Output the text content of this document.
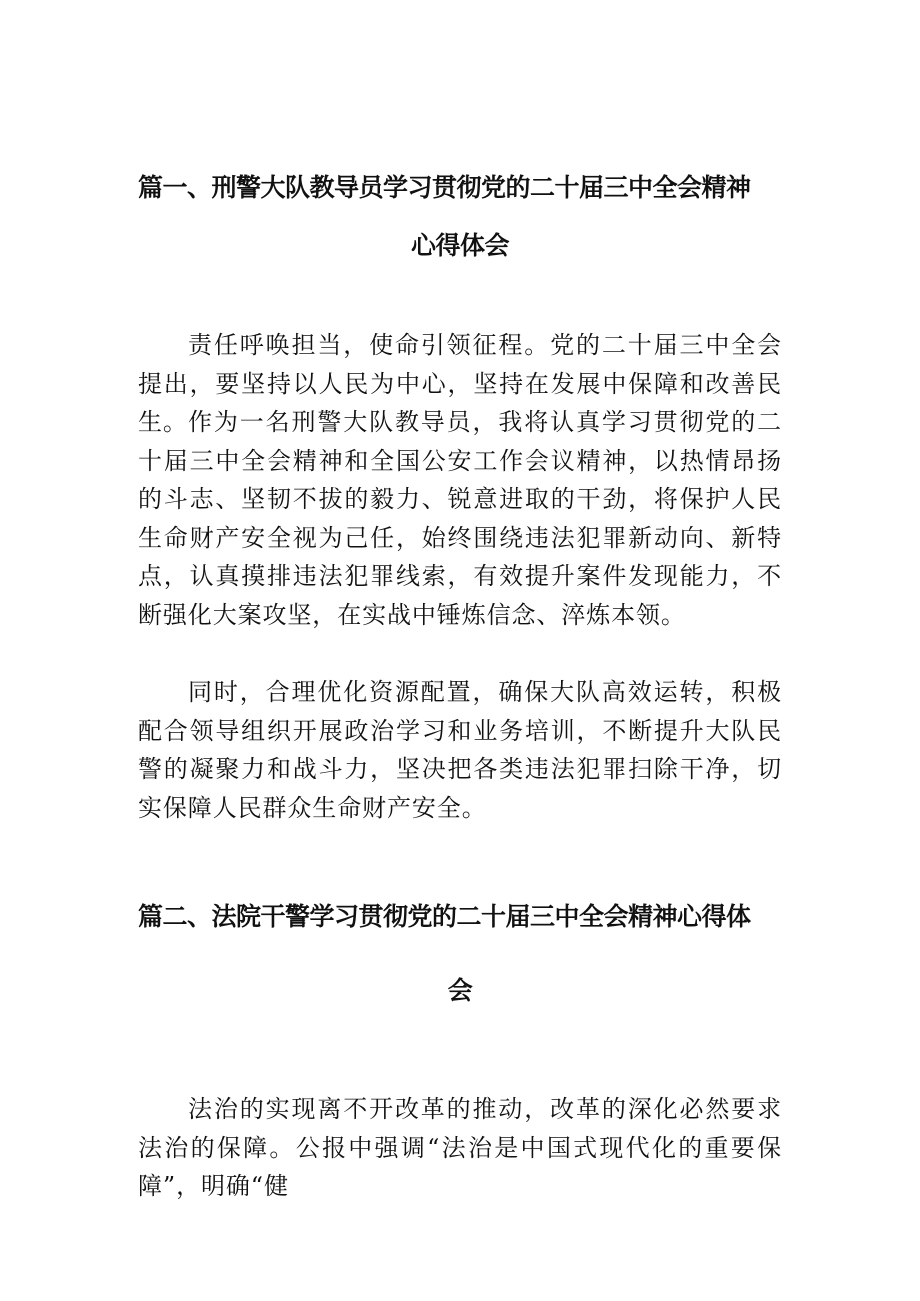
篇一、刑警大队教导员学习贯彻党的二十届三中全会精神
心得体会

责任呼唤担当，使命引领征程。党的二十届三中全会提出，要坚持以人民为中心，坚持在发展中保障和改善民生。 作为一名刑警大队教导员，我将认真学习贯彻党的二十届三中全会精神和全国公安工作会议精神，以热情昂扬的斗志、坚韧不拔的毅力、锐意进取的干劲，将保护人民生命财产安全视为己任，始终围绕违法犯罪新动向、新特点，认真摸排违法犯罪线索，有效提升案件发现能力，不断强化大案攻坚，在实战中锤炼信念、淬炼本领。

同时，合理优化资源配置，确保大队高效运转，积极配合领导组织开展政治学习和业务培训，不断提升大队民警的凝聚力和战斗力，坚决把各类违法犯罪扫除干净，切实保障人民群众生命财产安全。

篇二、法院干警学习贯彻党的二十届三中全会精神心得体
会

法治的实现离不开改革的推动，改革的深化必然要求法治的保障。公报中强调“法治是中国式现代化的重要保障”，明确“健
